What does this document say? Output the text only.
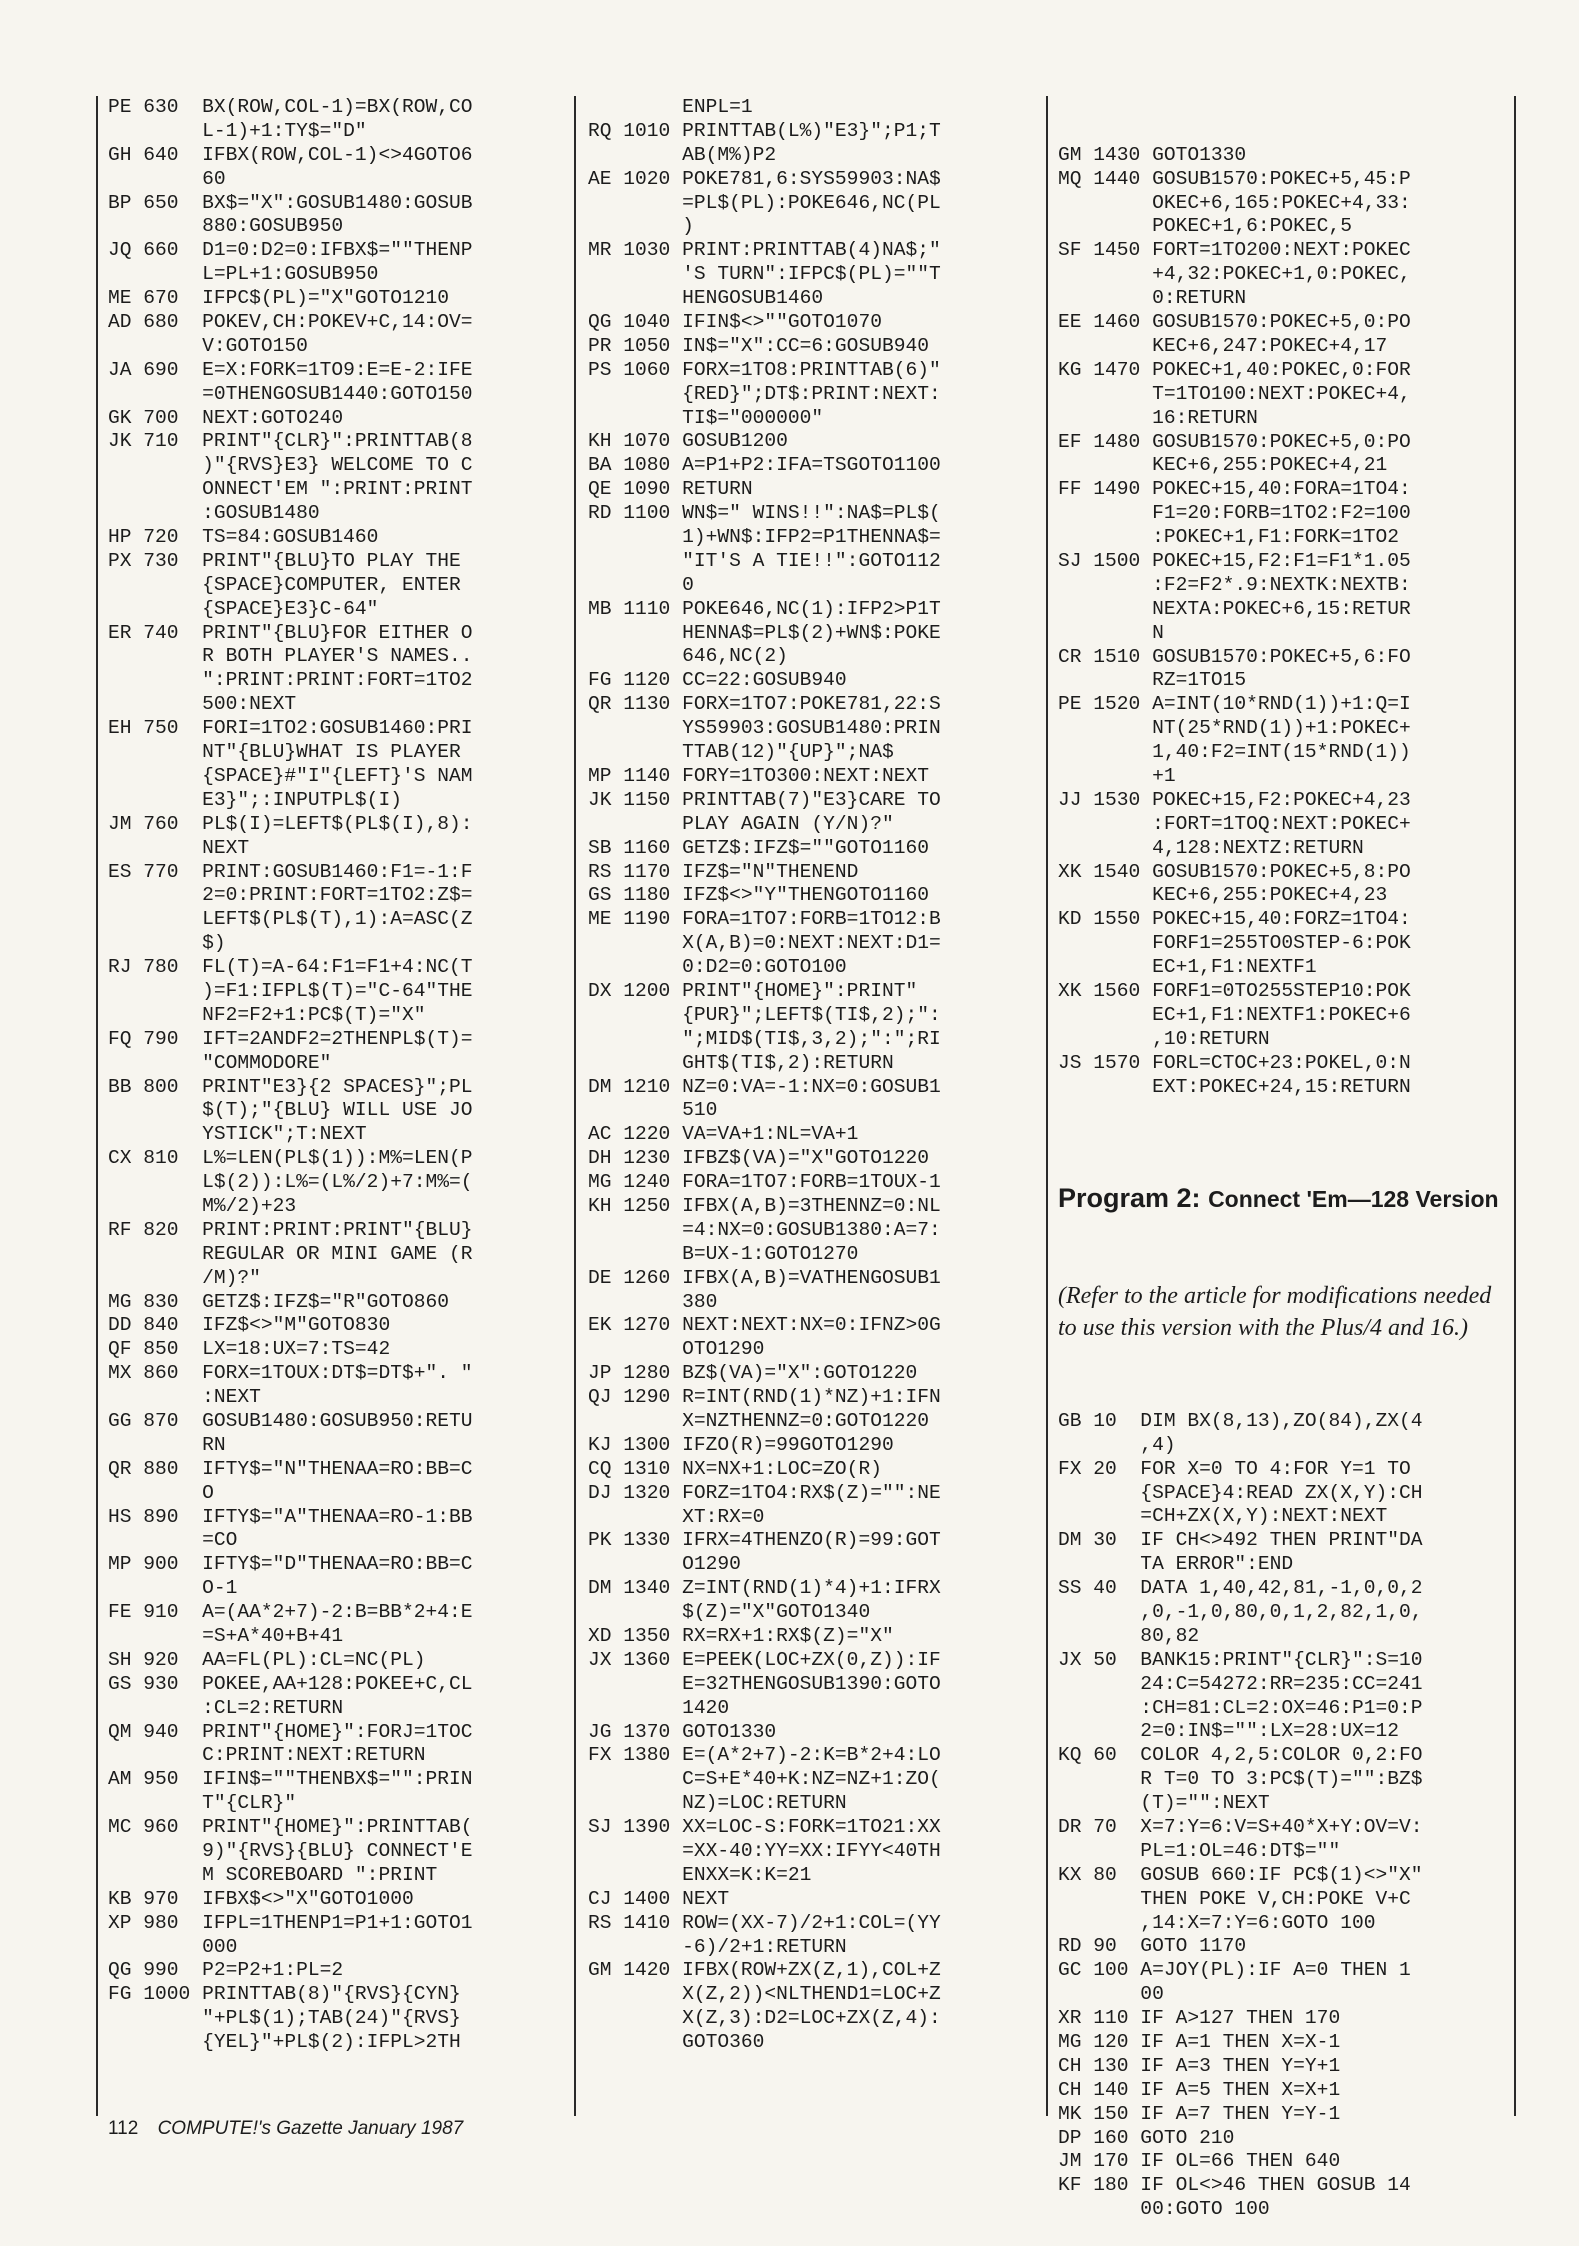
PE 630  BX(ROW,COL-1)=BX(ROW,CO
L-1)+1:TY$="D"
GH 640  IFBX(ROW,COL-1)<>4GOTO6
60
BP 650  BX$="X":GOSUB1480:GOSUB
880:GOSUB950
JQ 660  D1=0:D2=0:IFBX$=""THENP
L=PL+1:GOSUB950
ME 670  IFPC$(PL)="X"GOTO1210
AD 680  POKEV,CH:POKEV+C,14:OV=
V:GOTO150
JA 690  E=X:FORK=1TO9:E=E-2:IFE
=0THENGOSUB1440:GOTO150
GK 700  NEXT:GOTO240
JK 710  PRINT"{CLR}":PRINTTAB(8
)"{RVS}E3} WELCOME TO C
ONNECT'EM ":PRINT:PRINT
:GOSUB1480
HP 720  TS=84:GOSUB1460
PX 730  PRINT"{BLU}TO PLAY THE
{SPACE}COMPUTER, ENTER
{SPACE}E3}C-64"
ER 740  PRINT"{BLU}FOR EITHER O
R BOTH PLAYER'S NAMES..
":PRINT:PRINT:FORT=1TO2
500:NEXT
EH 750  FORI=1TO2:GOSUB1460:PRI
NT"{BLU}WHAT IS PLAYER
{SPACE}#"I"{LEFT}'S NAM
E3}";:INPUTPL$(I)
JM 760  PL$(I)=LEFT$(PL$(I),8):
NEXT
ES 770  PRINT:GOSUB1460:F1=-1:F
2=0:PRINT:FORT=1TO2:Z$=
LEFT$(PL$(T),1):A=ASC(Z
$)
RJ 780  FL(T)=A-64:F1=F1+4:NC(T
)=F1:IFPL$(T)="C-64"THE
NF2=F2+1:PC$(T)="X"
FQ 790  IFT=2ANDF2=2THENPL$(T)=
"COMMODORE"
BB 800  PRINT"E3}{2 SPACES}";PL
$(T);"{BLU} WILL USE JO
YSTICK";T:NEXT
CX 810  L%=LEN(PL$(1)):M%=LEN(P
L$(2)):L%=(L%/2)+7:M%=(
M%/2)+23
RF 820  PRINT:PRINT:PRINT"{BLU}
REGULAR OR MINI GAME (R
/M)?"
MG 830  GETZ$:IFZ$="R"GOTO860
DD 840  IFZ$<>"M"GOTO830
QF 850  LX=18:UX=7:TS=42
MX 860  FORX=1TOUX:DT$=DT$+". "
:NEXT
GG 870  GOSUB1480:GOSUB950:RETU
RN
QR 880  IFTY$="N"THENAA=RO:BB=C
O
HS 890  IFTY$="A"THENAA=RO-1:BB
=CO
MP 900  IFTY$="D"THENAA=RO:BB=C
O-1
FE 910  A=(AA*2+7)-2:B=BB*2+4:E
=S+A*40+B+41
SH 920  AA=FL(PL):CL=NC(PL)
GS 930  POKEE,AA+128:POKEE+C,CL
:CL=2:RETURN
QM 940  PRINT"{HOME}":FORJ=1TOC
C:PRINT:NEXT:RETURN
AM 950  IFIN$=""THENBX$="":PRIN
T"{CLR}"
MC 960  PRINT"{HOME}":PRINTTAB(
9)"{RVS}{BLU} CONNECT'E
M SCOREBOARD ":PRINT
KB 970  IFBX$<>"X"GOTO1000
XP 980  IFPL=1THENP1=P1+1:GOTO1
000
QG 990  P2=P2+1:PL=2
FG 1000 PRINTTAB(8)"{RVS}{CYN}
"+PL$(1);TAB(24)"{RVS}
{YEL}"+PL$(2):IFPL>2TH
ENPL=1
RQ 1010 PRINTTAB(L%)"E3}";P1;T
AB(M%)P2
AE 1020 POKE781,6:SYS59903:NA$
=PL$(PL):POKE646,NC(PL
)
MR 1030 PRINT:PRINTTAB(4)NA$;"
'S TURN":IFPC$(PL)=""T
HENGOSUB1460
QG 1040 IFIN$<>""GOTO1070
PR 1050 IN$="X":CC=6:GOSUB940
PS 1060 FORX=1TO8:PRINTTAB(6)"
{RED}";DT$:PRINT:NEXT:
TI$="000000"
KH 1070 GOSUB1200
BA 1080 A=P1+P2:IFA=TSGOTO1100
QE 1090 RETURN
RD 1100 WN$=" WINS!!":NA$=PL$(
1)+WN$:IFP2=P1THENNA$=
"IT'S A TIE!!":GOTO112
0
MB 1110 POKE646,NC(1):IFP2>P1T
HENNA$=PL$(2)+WN$:POKE
646,NC(2)
FG 1120 CC=22:GOSUB940
QR 1130 FORX=1TO7:POKE781,22:S
YS59903:GOSUB1480:PRIN
TTAB(12)"{UP}";NA$
MP 1140 FORY=1TO300:NEXT:NEXT
JK 1150 PRINTTAB(7)"E3}CARE TO
PLAY AGAIN (Y/N)?"
SB 1160 GETZ$:IFZ$=""GOTO1160
RS 1170 IFZ$="N"THENEND
GS 1180 IFZ$<>"Y"THENGOTO1160
ME 1190 FORA=1TO7:FORB=1TO12:B
X(A,B)=0:NEXT:NEXT:D1=
0:D2=0:GOTO100
DX 1200 PRINT"{HOME}":PRINT"
{PUR}";LEFT$(TI$,2);":
";MID$(TI$,3,2);":";RI
GHT$(TI$,2):RETURN
DM 1210 NZ=0:VA=-1:NX=0:GOSUB1
510
AC 1220 VA=VA+1:NL=VA+1
DH 1230 IFBZ$(VA)="X"GOTO1220
MG 1240 FORA=1TO7:FORB=1TOUX-1
KH 1250 IFBX(A,B)=3THENNZ=0:NL
=4:NX=0:GOSUB1380:A=7:
B=UX-1:GOTO1270
DE 1260 IFBX(A,B)=VATHENGOSUB1
380
EK 1270 NEXT:NEXT:NX=0:IFNZ>0G
OTO1290
JP 1280 BZ$(VA)="X":GOTO1220
QJ 1290 R=INT(RND(1)*NZ)+1:IFN
X=NZTHENNZ=0:GOTO1220
KJ 1300 IFZO(R)=99GOTO1290
CQ 1310 NX=NX+1:LOC=ZO(R)
DJ 1320 FORZ=1TO4:RX$(Z)="":NE
XT:RX=0
PK 1330 IFRX=4THENZO(R)=99:GOT
O1290
DM 1340 Z=INT(RND(1)*4)+1:IFRX
$(Z)="X"GOTO1340
XD 1350 RX=RX+1:RX$(Z)="X"
JX 1360 E=PEEK(LOC+ZX(0,Z)):IF
E=32THENGOSUB1390:GOTO
1420
JG 1370 GOTO1330
FX 1380 E=(A*2+7)-2:K=B*2+4:LO
C=S+E*40+K:NZ=NZ+1:ZO(
NZ)=LOC:RETURN
SJ 1390 XX=LOC-S:FORK=1TO21:XX
=XX-40:YY=XX:IFYY<40TH
ENXX=K:K=21
CJ 1400 NEXT
RS 1410 ROW=(XX-7)/2+1:COL=(YY
-6)/2+1:RETURN
GM 1420 IFBX(ROW+ZX(Z,1),COL+Z
X(Z,2))<NLTHEND1=LOC+Z
X(Z,3):D2=LOC+ZX(Z,4):
GOTO360

GM 1430 GOTO1330
MQ 1440 GOSUB1570:POKEC+5,45:P
OKEC+6,165:POKEC+4,33:
POKEC+1,6:POKEC,5
SF 1450 FORT=1TO200:NEXT:POKEC
+4,32:POKEC+1,0:POKEC,
0:RETURN
EE 1460 GOSUB1570:POKEC+5,0:PO
KEC+6,247:POKEC+4,17
KG 1470 POKEC+1,40:POKEC,0:FOR
T=1TO100:NEXT:POKEC+4,
16:RETURN
EF 1480 GOSUB1570:POKEC+5,0:PO
KEC+6,255:POKEC+4,21
FF 1490 POKEC+15,40:FORA=1TO4:
F1=20:FORB=1TO2:F2=100
:POKEC+1,F1:FORK=1TO2
SJ 1500 POKEC+15,F2:F1=F1*1.05
:F2=F2*.9:NEXTK:NEXTB:
NEXTA:POKEC+6,15:RETUR
N
CR 1510 GOSUB1570:POKEC+5,6:FO
RZ=1TO15
PE 1520 A=INT(10*RND(1))+1:Q=I
NT(25*RND(1))+1:POKEC+
1,40:F2=INT(15*RND(1))
+1
JJ 1530 POKEC+15,F2:POKEC+4,23
:FORT=1TOQ:NEXT:POKEC+
4,128:NEXTZ:RETURN
XK 1540 GOSUB1570:POKEC+5,8:PO
KEC+6,255:POKEC+4,23
KD 1550 POKEC+15,40:FORZ=1TO4:
FORF1=255TO0STEP-6:POK
EC+1,F1:NEXTF1
XK 1560 FORF1=0TO255STEP10:POK
EC+1,F1:NEXTF1:POKEC+6
,10:RETURN
JS 1570 FORL=CTOC+23:POKEL,0:N
EXT:POKEC+24,15:RETURN

Program 2: Connect 'Em—128 Version

(Refer to the article for modifications needed to use this version with the Plus/4 and 16.)

GB 10  DIM BX(8,13),ZO(84),ZX(4
,4)
FX 20  FOR X=0 TO 4:FOR Y=1 TO
{SPACE}4:READ ZX(X,Y):CH
=CH+ZX(X,Y):NEXT:NEXT
DM 30  IF CH<>492 THEN PRINT"DA
TA ERROR":END
SS 40  DATA 1,40,42,81,-1,0,0,2
,0,-1,0,80,0,1,2,82,1,0,
80,82
JX 50  BANK15:PRINT"{CLR}":S=10
24:C=54272:RR=235:CC=241
:CH=81:CL=2:OX=46:P1=0:P
2=0:IN$="":LX=28:UX=12
KQ 60  COLOR 4,2,5:COLOR 0,2:FO
R T=0 TO 3:PC$(T)="":BZ$
(T)="":NEXT
DR 70  X=7:Y=6:V=S+40*X+Y:OV=V:
PL=1:OL=46:DT$=""
KX 80  GOSUB 660:IF PC$(1)<>"X"
THEN POKE V,CH:POKE V+C
,14:X=7:Y=6:GOTO 100
RD 90  GOTO 1170
GC 100 A=JOY(PL):IF A=0 THEN 1
00
XR 110 IF A>127 THEN 170
MG 120 IF A=1 THEN X=X-1
CH 130 IF A=3 THEN Y=Y+1
CH 140 IF A=5 THEN X=X+1
MK 150 IF A=7 THEN Y=Y-1
DP 160 GOTO 210
JM 170 IF OL=66 THEN 640
KF 180 IF OL<>46 THEN GOSUB 14
00:GOTO 100

112 COMPUTE!'s Gazette January 1987
